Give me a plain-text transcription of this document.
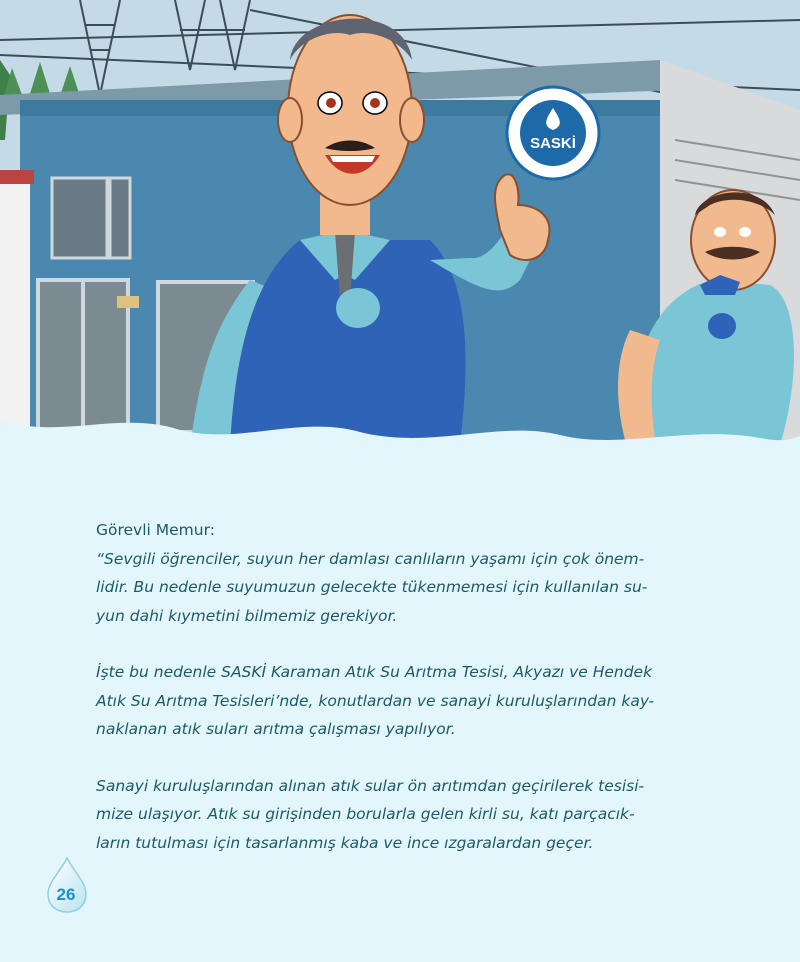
SASKİ

Görevli Memur:

“Sevgili öğrenciler, suyun her damlası canlıların yaşamı için çok önem-
lidir. Bu nedenle suyumuzun gelecekte tükenmemesi için kullanılan su-
yun dahi kıymetini bilmemiz gerekiyor.

İşte bu nedenle SASKİ Karaman Atık Su Arıtma Tesisi, Akyazı ve Hendek
Atık Su Arıtma Tesisleri’nde, konutlardan ve sanayi kuruluşlarından kay-
naklanan atık suları arıtma çalışması yapılıyor.

Sanayi kuruluşlarından alınan atık sular ön arıtımdan geçirilerek tesisi-
mize ulaşıyor. Atık su girişinden borularla gelen kirli su, katı parçacık-
ların tutulması için tasarlanmış kaba ve ince ızgaralardan geçer.

26
